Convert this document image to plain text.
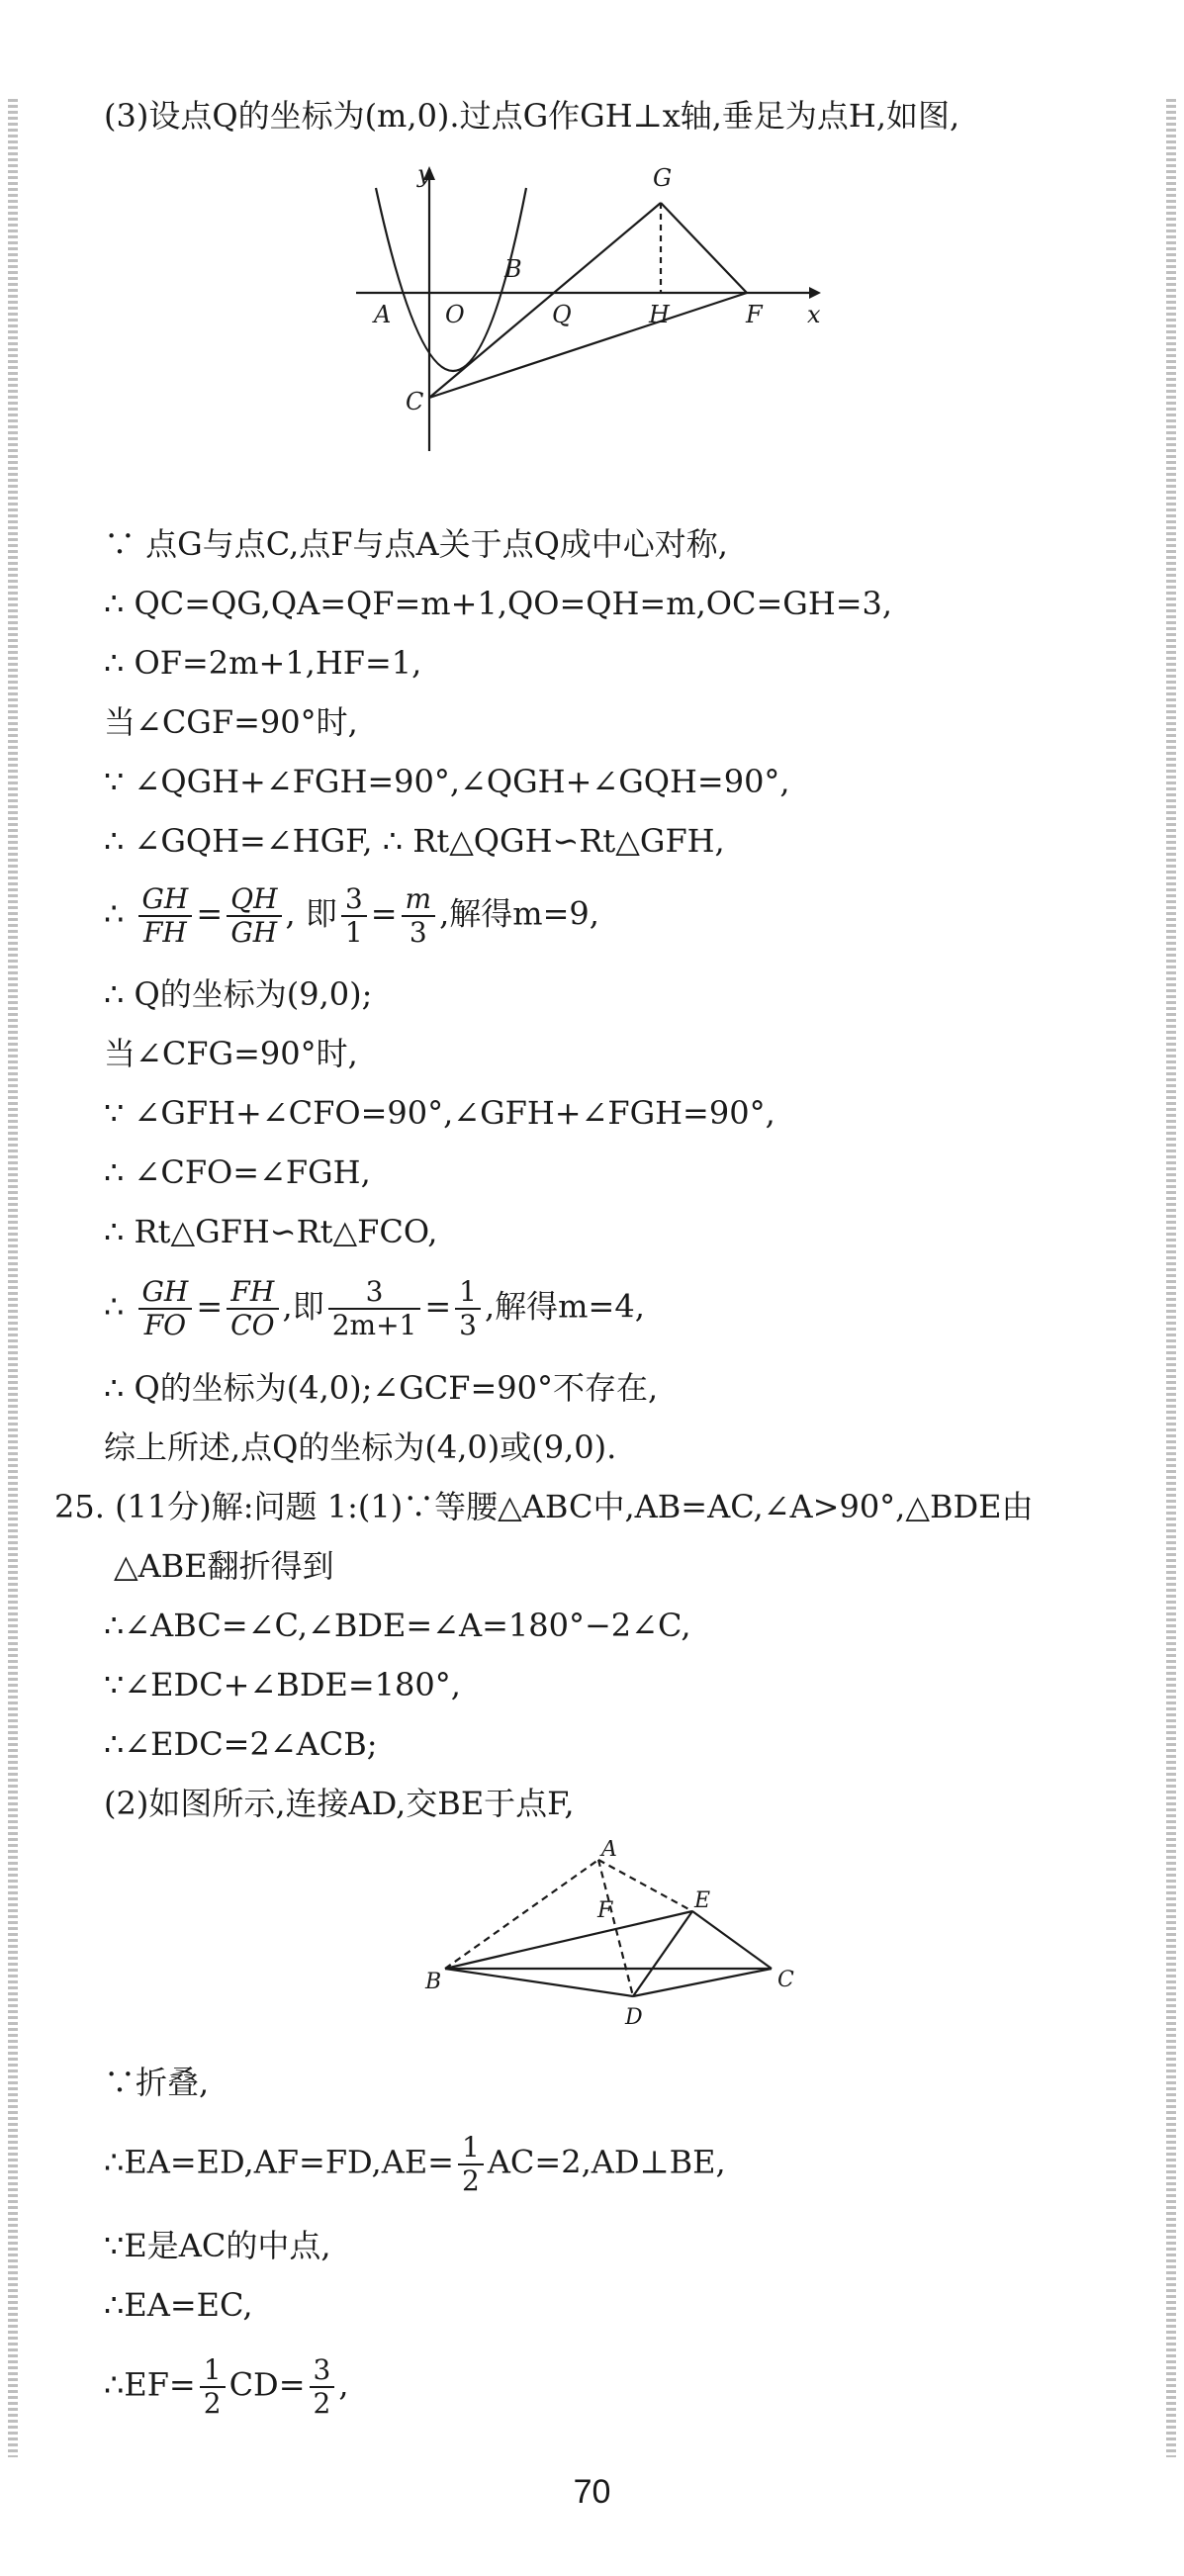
(3)设点Q的坐标为(m,0).过点G作GH⊥x轴,垂足为点H,如图,
y
x
A O
B
Q	H	F
G
C
∵ 点G与点C,点F与点A关于点Q成中心对称,
∴ QC=QG,QA=QF=m+1,QO=QH=m,OC=GH=3,
∴ OF=2m+1,HF=1,
当∠CGF=90°时,
∵ ∠QGH+∠FGH=90°,∠QGH+∠GQH=90°,
∴ ∠GQH=∠HGF, ∴ Rt△QGH∽Rt△GFH,
∴ $\frac{GH}{FH} = \frac{QH}{GH}$ , 即 $\frac{3}{1} = \frac{m}{3}$ ,解得m=9,
∴ Q的坐标为(9,0);
当∠CFG=90°时,
∵ ∠GFH+∠CFO=90°,∠GFH+∠FGH=90°,
∴ ∠CFO=∠FGH,
∴ Rt△GFH∽Rt△FCO,
∴ $\frac{GH}{FO} = \frac{FH}{CO}$ ,即 $\frac{3}{2m+1} = \frac{1}{3}$ ,解得m=4,
∴ Q的坐标为(4,0);∠GCF=90°不存在,
综上所述,点Q的坐标为(4,0)或(9,0).
25. (11分)解:问题 1:(1)∵等腰△ABC中,AB=AC,∠A>90°,△BDE由
△ABE翻折得到
∴∠ABC=∠C,∠BDE=∠A=180°−2∠C,
∵∠EDC+∠BDE=180°,
∴∠EDC=2∠ACB;
(2)如图所示,连接AD,交BE于点F,
A
F	E
B
D
C
∵折叠,
∴EA=ED,AF=FD,AE= $\frac{1}{2}$ AC=2,AD⊥BE,
∵E是AC的中点,
∴EA=EC,
∴EF= $\frac{1}{2} CD= \frac{3}{2}$ ,
70
